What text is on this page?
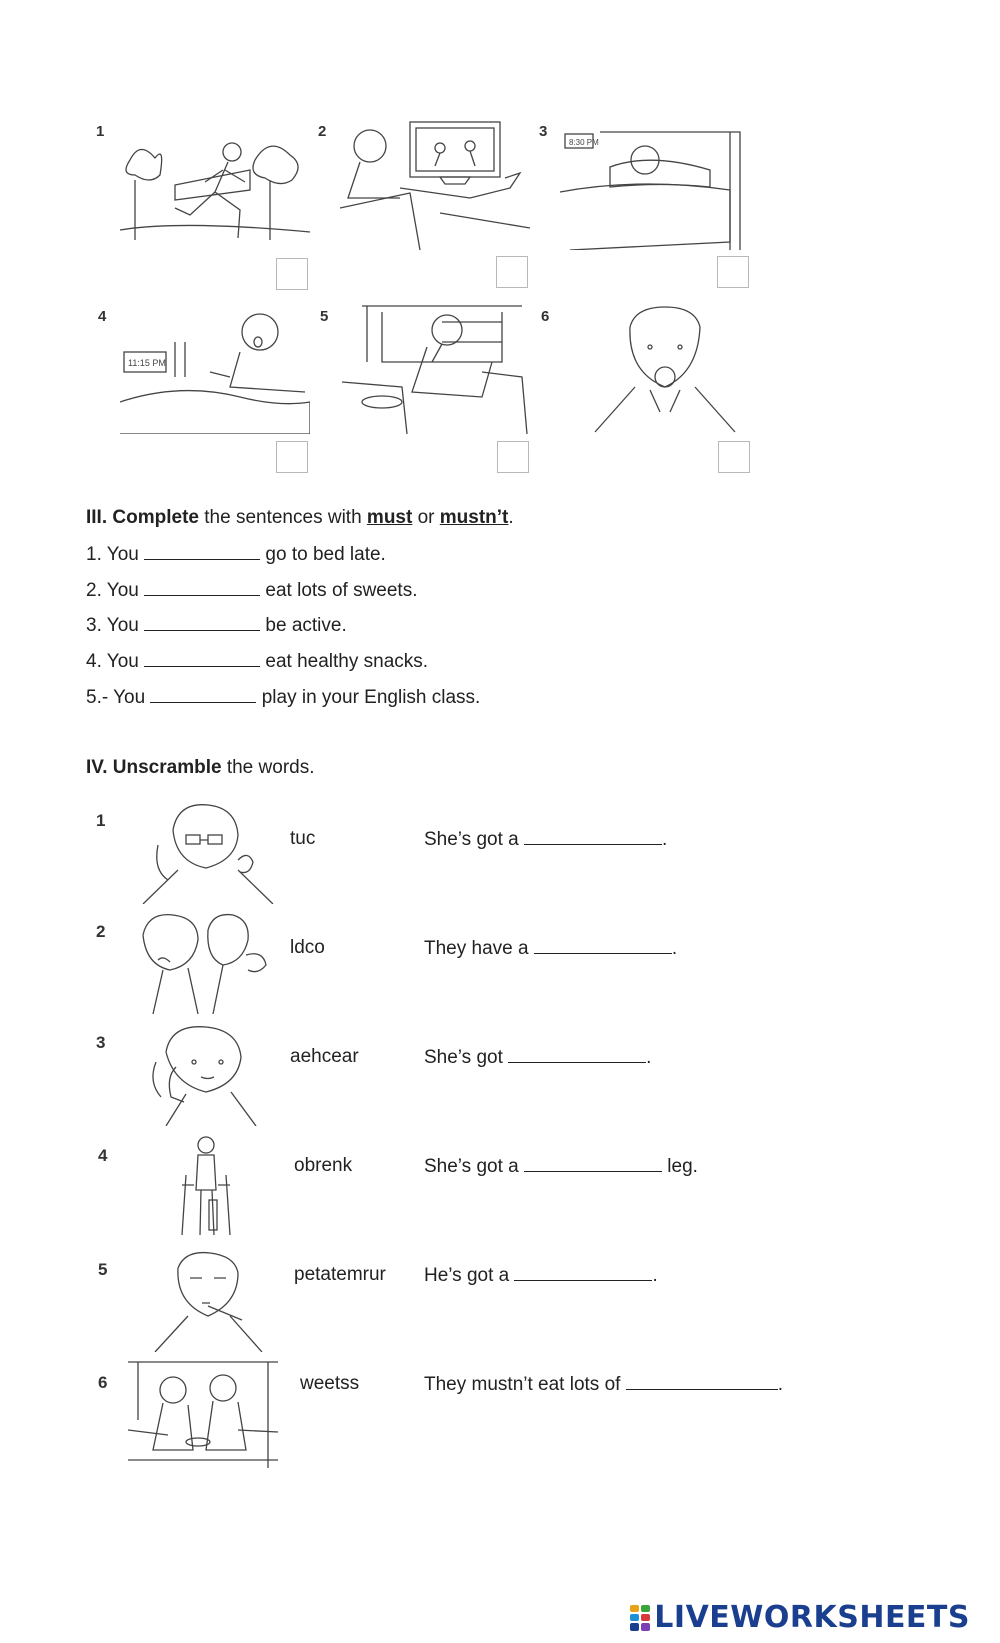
1	2	3
8:30 PM
4
11:15 PM
5	6
III. Complete the sentences with must or mustn’t.
1. You	go to bed late.
2. You	eat lots of sweets.
3. You	be active.
4. You	eat healthy snacks.
5.- You	play in your English class.
IV. Unscramble the words.
1
tuc	She’s got a	.
2
ldco	They have a	.
3
aehcear	She’s got	.
4	obrenk	She’s got a	leg.
5	petatemrur He’s got a	.
6	weetss	They mustn’t eat lots of	.
LIVEWORKSHEETS
